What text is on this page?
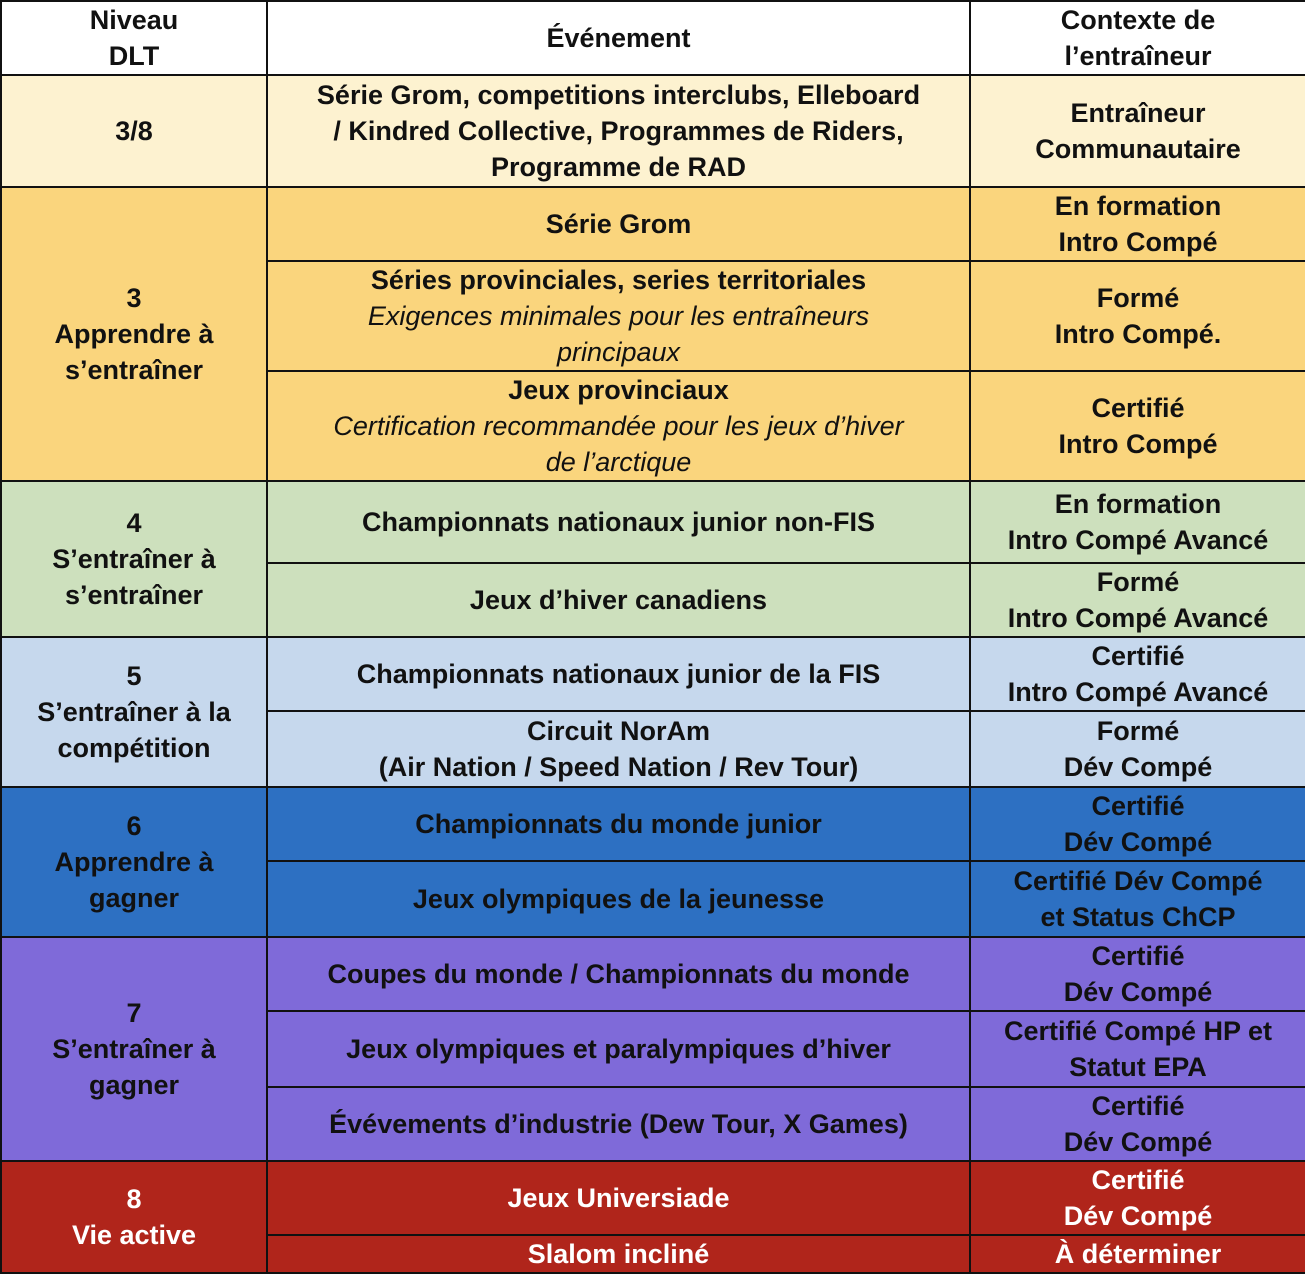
Niveau
DLT	Événement	Contexte de
l’entraîneur

3/8	Série Grom, competitions interclubs, Elleboard
/ Kindred Collective, Programmes de Riders,
Programme de RAD	Entraîneur
Communautaire

3
Apprendre à
s’entraîner	Série Grom	En formation
Intro Compé

	Séries provinciales, series territoriales
Exigences minimales pour les entraîneurs
principaux	Formé
Intro Compé.

	Jeux provinciaux
Certification recommandée pour les jeux d’hiver
de l’arctique	Certifié
Intro Compé

4
S’entraîner à
s’entraîner	Championnats nationaux junior non-FIS	En formation
Intro Compé Avancé

	Jeux d’hiver canadiens	Formé
Intro Compé Avancé

5
S’entraîner à la
compétition	Championnats nationaux junior de la FIS	Certifié
Intro Compé Avancé

	Circuit NorAm
(Air Nation / Speed Nation / Rev Tour)	Formé
Dév Compé

6
Apprendre à
gagner	Championnats du monde junior	Certifié
Dév Compé

	Jeux olympiques de la jeunesse	Certifié Dév Compé
et Status ChCP

7
S’entraîner à
gagner	Coupes du monde / Championnats du monde	Certifié
Dév Compé

	Jeux olympiques et paralympiques d’hiver	Certifié Compé HP et
Statut EPA

	Évévements d’industrie (Dew Tour, X Games)	Certifié
Dév Compé

8
Vie active	Jeux Universiade	Certifié
Dév Compé

	Slalom incliné	À déterminer
